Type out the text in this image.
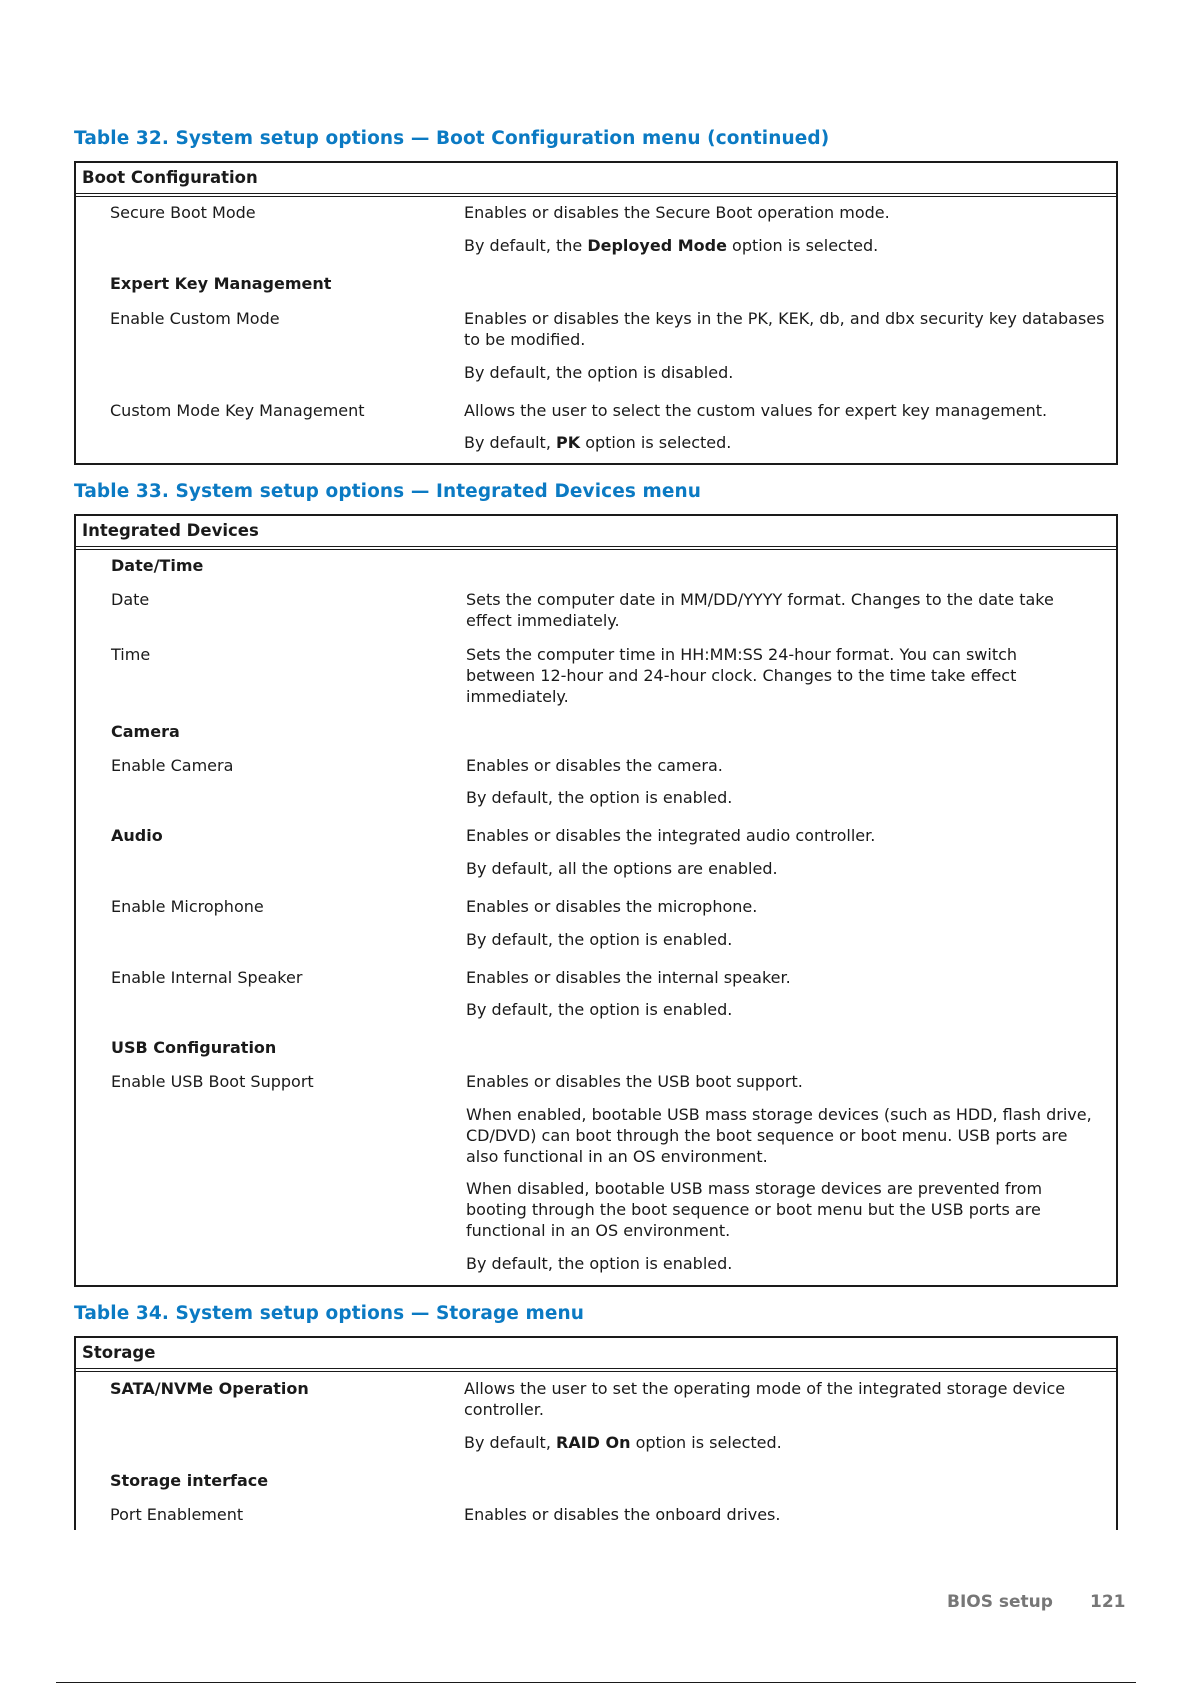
Table 32. System setup options — Boot Configuration menu (continued)
Boot Configuration
Secure Boot Mode	Enables or disables the Secure Boot operation mode.
By default, the Deployed Mode option is selected.
Expert Key Management
Enable Custom Mode	Enables or disables the keys in the PK, KEK, db, and dbx security key databases
to be modified.
By default, the option is disabled.
Custom Mode Key Management	Allows the user to select the custom values for expert key management.
By default, PK option is selected.
Table 33. System setup options — Integrated Devices menu
Integrated Devices
Date/Time
Date	Sets the computer date in MM/DD/YYYY format. Changes to the date take
effect immediately.
Time	Sets the computer time in HH:MM:SS 24-hour format. You can switch
between 12-hour and 24-hour clock. Changes to the time take effect
immediately.
Camera
Enable Camera	Enables or disables the camera.
By default, the option is enabled.
Audio	Enables or disables the integrated audio controller.
By default, all the options are enabled.
Enable Microphone	Enables or disables the microphone.
By default, the option is enabled.
Enable Internal Speaker	Enables or disables the internal speaker.
By default, the option is enabled.
USB Configuration
Enable USB Boot Support	Enables or disables the USB boot support.
When enabled, bootable USB mass storage devices (such as HDD, flash drive,
CD/DVD) can boot through the boot sequence or boot menu. USB ports are
also functional in an OS environment.
When disabled, bootable USB mass storage devices are prevented from
booting through the boot sequence or boot menu but the USB ports are
functional in an OS environment.
By default, the option is enabled.
Table 34. System setup options — Storage menu
Storage
SATA/NVMe Operation	Allows the user to set the operating mode of the integrated storage device
controller.
By default, RAID On option is selected.
Storage interface
Port Enablement	Enables or disables the onboard drives.
BIOS setup 121
